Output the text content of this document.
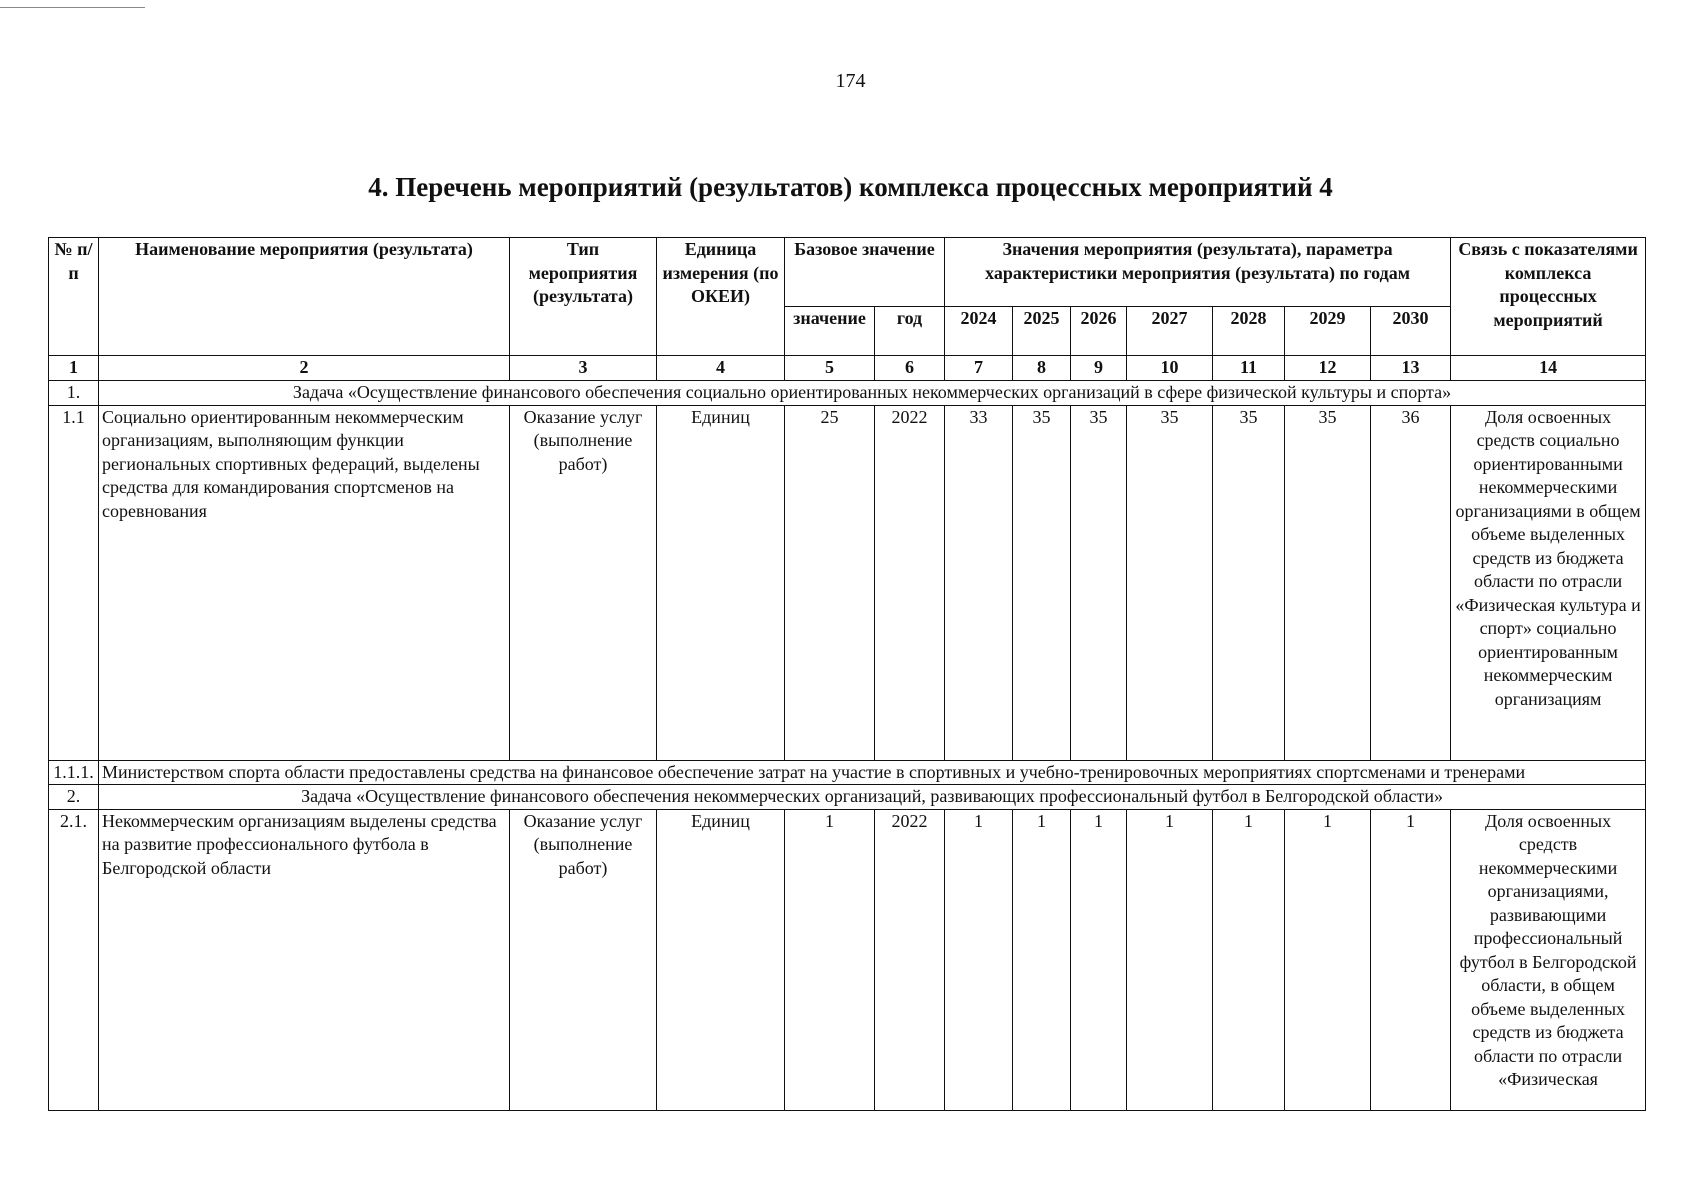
174
4. Перечень мероприятий (результатов) комплекса процессных мероприятий 4
№ п/п	Наименование мероприятия (результата)	Тип мероприятия (результата)	Единица измерения (по ОКЕИ)	Базовое значение		Значения мероприятия (результата), параметра характеристики мероприятия (результата) по годам							Связь с показателями комплекса процессных мероприятий
				значение	год	2024	2025	2026	2027	2028	2029	2030	
1	2	3	4	5	6	7	8	9	10	11	12	13	14
1.	Задача «Осуществление финансового обеспечения социально ориентированных некоммерческих организаций в сфере физической культуры и спорта»												
1.1	Социально ориентированным некоммерческим организациям, выполняющим функции региональных спортивных федераций, выделены средства для командирования спортсменов на соревнования	Оказание услуг (выполнение работ)	Единиц	25	2022	33	35	35	35	35	35	36	Доля освоенных средств социально ориентированными некоммерческими организациями в общем объеме выделенных средств из бюджета области по отрасли «Физическая культура и спорт» социально ориентированным некоммерческим организациям
1.1.1.	Министерством спорта области предоставлены средства на финансовое обеспечение затрат на участие в спортивных и учебно-тренировочных мероприятиях спортсменами и тренерами												
2.	Задача «Осуществление финансового обеспечения некоммерческих организаций, развивающих профессиональный футбол в Белгородской области»												
2.1.	Некоммерческим организациям выделены средства на развитие профессионального футбола в Белгородской области	Оказание услуг (выполнение работ)	Единиц	1	2022	1	1	1	1	1	1	1	Доля освоенных средств некоммерческими организациями, развивающими профессиональный футбол в Белгородской области, в общем объеме выделенных средств из бюджета области по отрасли «Физическая
